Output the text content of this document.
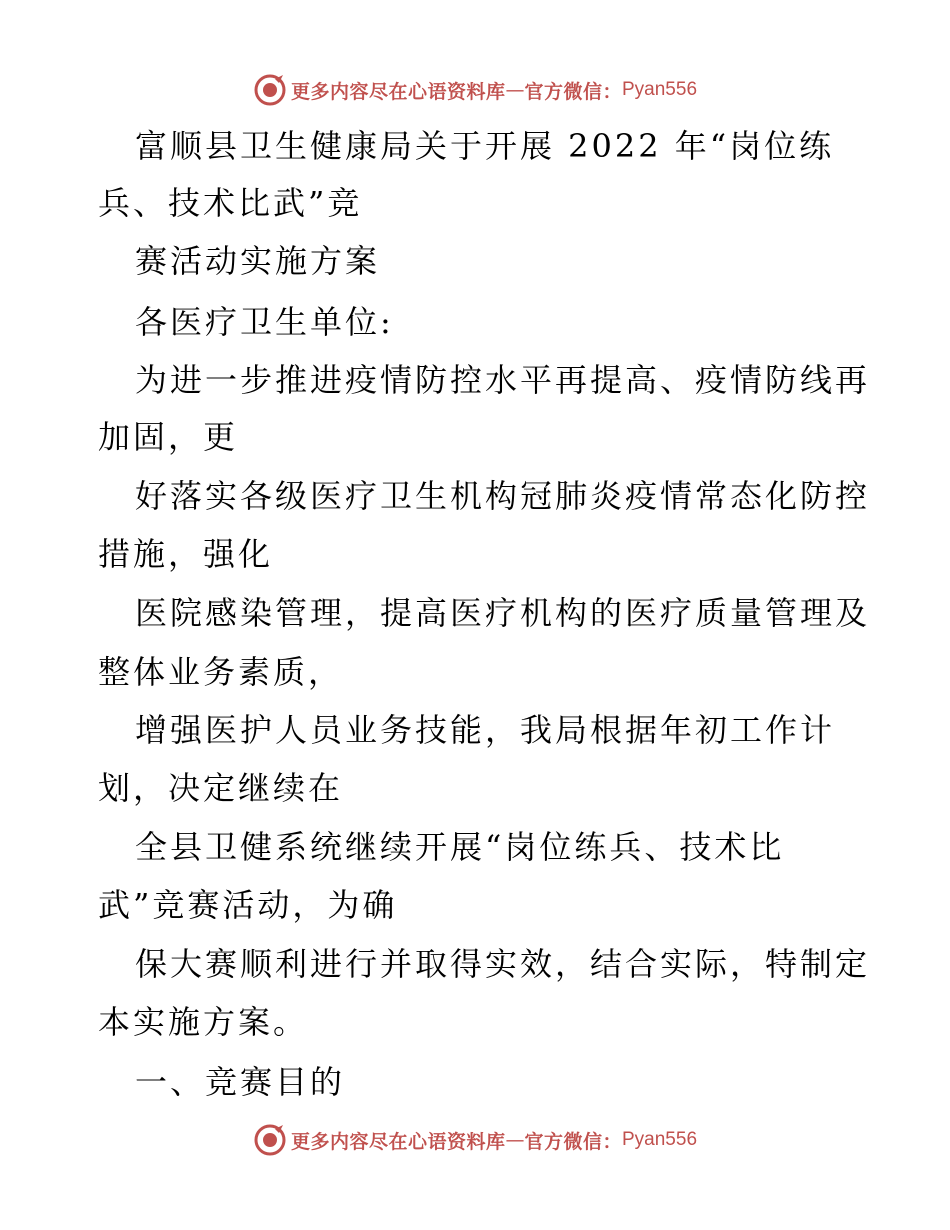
更多内容尽在心语资料库 — 官方微信： Pyan556
富顺县卫生健康局关于开展 2022 年“岗位练
兵、技术比武”竞
赛活动实施方案
各医疗卫生单位:
为进一步推进疫情防控水平再提高、疫情防线再
加固，更
好落实各级医疗卫生机构冠肺炎疫情常态化防控
措施，强化
医院感染管理，提高医疗机构的医疗质量管理及
整体业务素质，
增强医护人员业务技能，我局根据年初工作计
划，决定继续在
全县卫健系统继续开展“岗位练兵、技术比
武”竞赛活动，为确
保大赛顺利进行并取得实效，结合实际，特制定
本实施方案。
一、竞赛目的
更多内容尽在心语资料库 — 官方微信： Pyan556
